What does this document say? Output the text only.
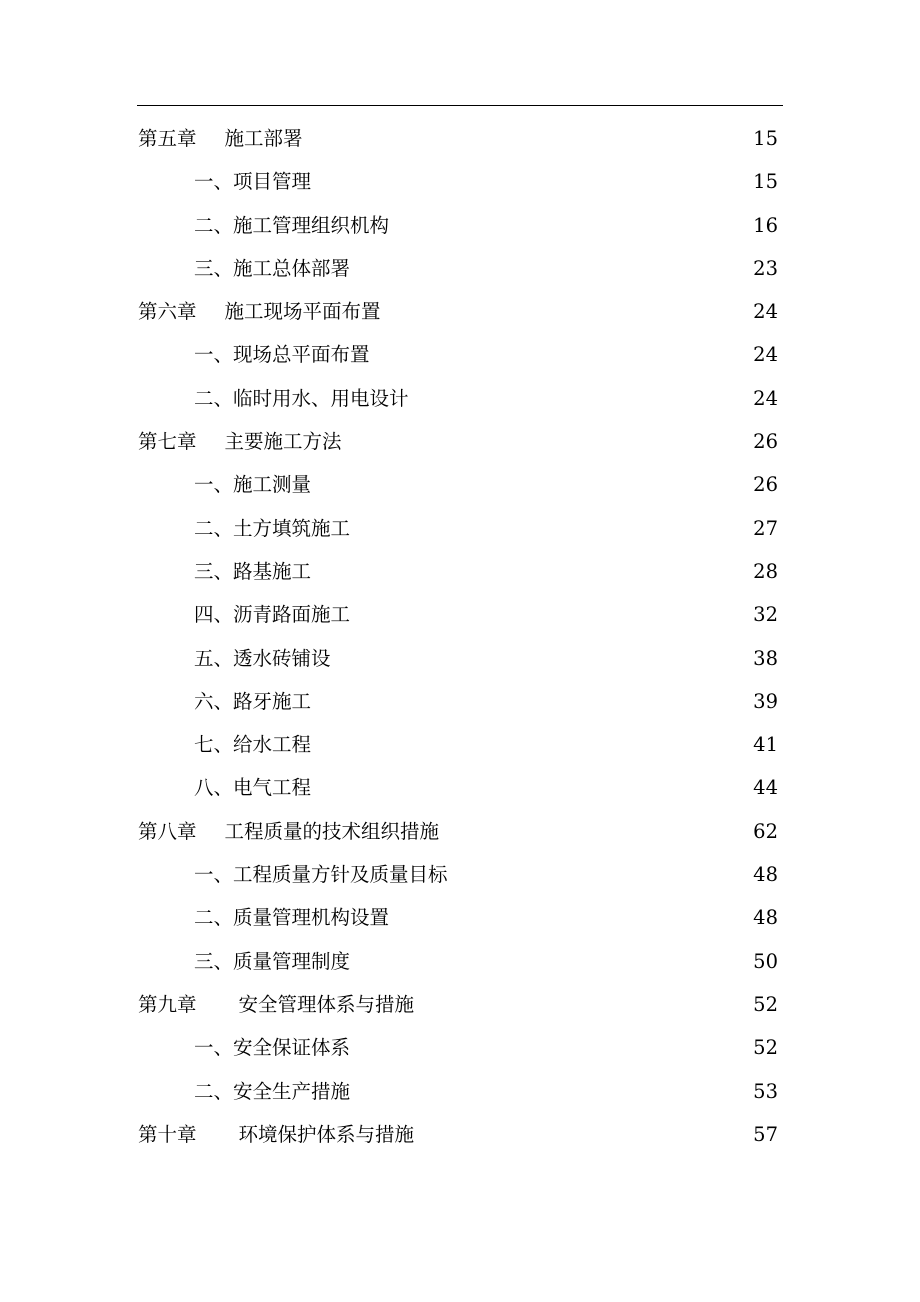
第五章 施工部署	15
一、项目管理	15
二、施工管理组织机构	16
三、施工总体部署	23
第六章 施工现场平面布置	24
一、现场总平面布置	24
二、临时用水、用电设计	24
第七章 主要施工方法	26
一、施工测量	26
二、土方填筑施工	27
三、路基施工	28
四、沥青路面施工	32
五、透水砖铺设	38
六、路牙施工	39
七、给水工程	41
八、电气工程	44
第八章 工程质量的技术组织措施	62
一、工程质量方针及质量目标	48
二、质量管理机构设置	48
三、质量管理制度	50
第九章 安全管理体系与措施	52
一、安全保证体系	52
二、安全生产措施	53
第十章 环境保护体系与措施	57
